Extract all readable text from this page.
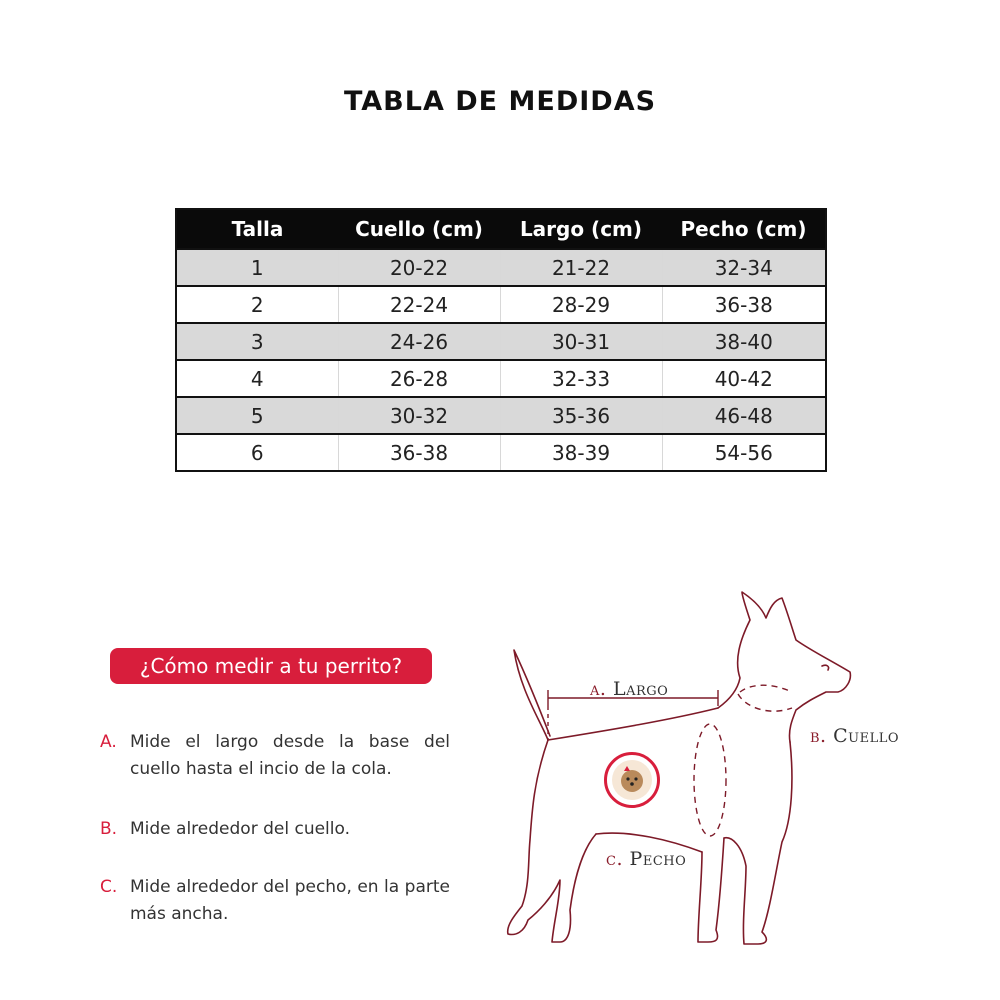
TABLA DE MEDIDAS
Talla	Cuello (cm)	Largo (cm)	Pecho (cm)
1	20-22	21-22	32-34
2	22-24	28-29	36-38
3	24-26	30-31	38-40
4	26-28	32-33	40-42
5	30-32	35-36	46-48
6	36-38	38-39	54-56
¿Cómo medir a tu perrito?
A. Mide el largo desde la base del cuello hasta el incio de la cola.
B. Mide alrededor del cuello.
C. Mide alrededor del pecho, en la parte más ancha.
a. Largo
b. Cuello
c. Pecho
